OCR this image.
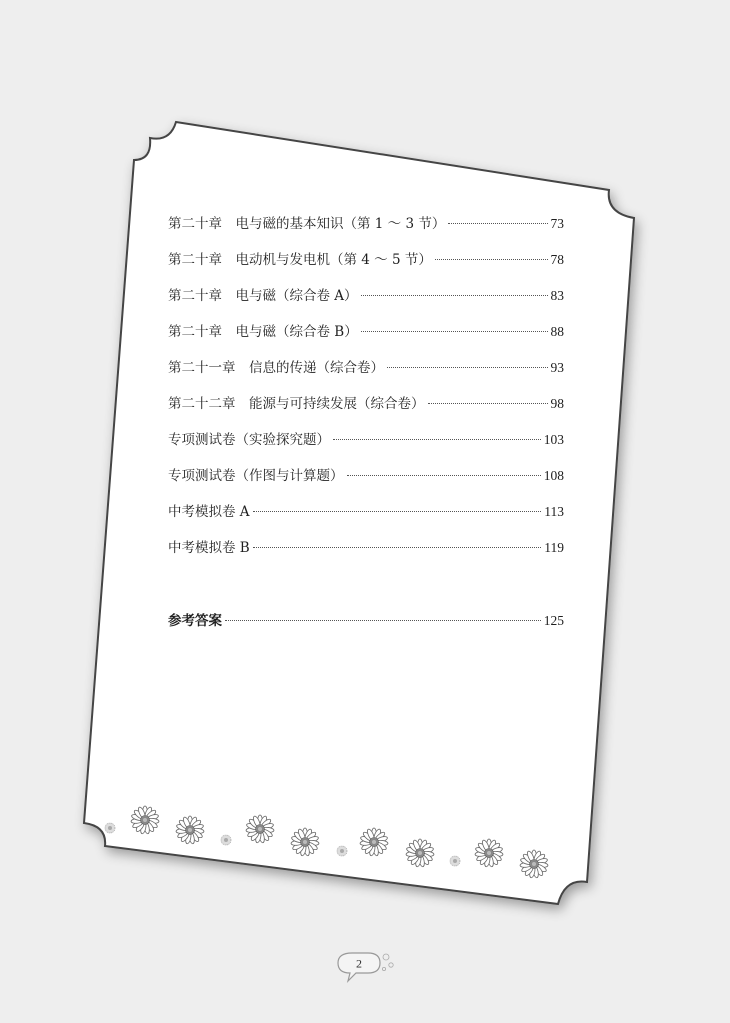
第二十章　电与磁的基本知识（第 1 ～ 3 节）	73
第二十章　电动机与发电机（第 4 ～ 5 节）	78
第二十章　电与磁（综合卷 A）	83
第二十章　电与磁（综合卷 B）	88
第二十一章　信息的传递（综合卷）	93
第二十二章　能源与可持续发展（综合卷）	98
专项测试卷（实验探究题）	103
专项测试卷（作图与计算题）	108
中考模拟卷 A	113
中考模拟卷 B	119
参考答案	125
2
